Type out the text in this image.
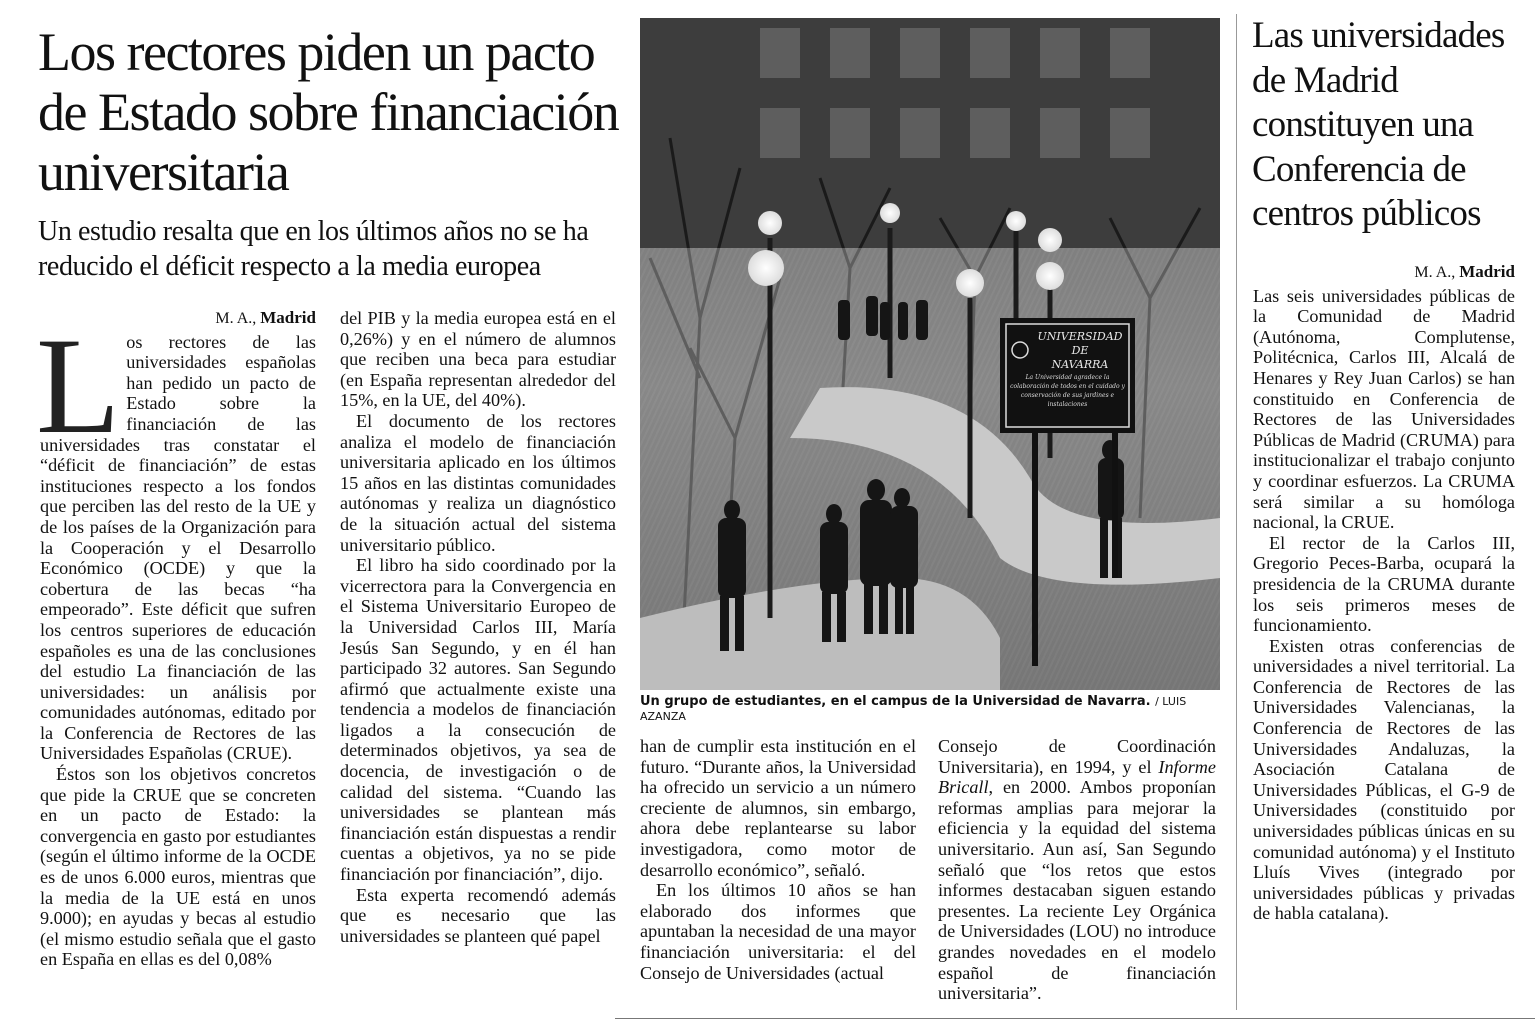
Los rectores piden un pacto de Estado sobre financiación universitaria
Un estudio resalta que en los últimos años no se ha reducido el déficit respecto a la media europea
M. A., Madrid

Los rectores de las universidades españolas han pedido un pacto de Estado sobre la financiación de las universidades tras constatar el “déficit de financiación” de estas instituciones respecto a los fondos que perciben las del resto de la UE y de los países de la Organización para la Cooperación y el Desarrollo Económico (OCDE) y que la cobertura de las becas “ha empeorado”. Este déficit que sufren los centros superiores de educación españoles es una de las conclusiones del estudio La financiación de las universidades: un análisis por comunidades autónomas, editado por la Conferencia de Rectores de las Universidades Españolas (CRUE).

Éstos son los objetivos concretos que pide la CRUE que se concreten en un pacto de Estado: la convergencia en gasto por estudiantes (según el último informe de la OCDE es de unos 6.000 euros, mientras que la media de la UE está en unos 9.000); en ayudas y becas al estudio (el mismo estudio señala que el gasto en España en ellas es del 0,08%

del PIB y la media europea está en el 0,26%) y en el número de alumnos que reciben una beca para estudiar (en España representan alrededor del 15%, en la UE, del 40%).

El documento de los rectores analiza el modelo de financiación universitaria aplicado en los últimos 15 años en las distintas comunidades autónomas y realiza un diagnóstico de la situación actual del sistema universitario público.

El libro ha sido coordinado por la vicerrectora para la Convergencia en el Sistema Universitario Europeo de la Universidad Carlos III, María Jesús San Segundo, y en él han participado 32 autores. San Segundo afirmó que actualmente existe una tendencia a modelos de financiación ligados a la consecución de determinados objetivos, ya sea de docencia, de investigación o de calidad del sistema. “Cuando las universidades se plantean más financiación están dispuestas a rendir cuentas a objetivos, ya no se pide financiación por financiación”, dijo.

Esta experta recomendó además que es necesario que las universidades se planteen qué papel

UNIVERSIDAD
DE
NAVARRA
La Universidad agradece la colaboración de todos en el cuidado y conservación de sus jardines e instalaciones
Un grupo de estudiantes, en el campus de la Universidad de Navarra. / LUIS AZANZA

han de cumplir esta institución en el futuro. “Durante años, la Universidad ha ofrecido un servicio a un número creciente de alumnos, sin embargo, ahora debe replantearse su labor investigadora, como motor de desarrollo económico”, señaló.

En los últimos 10 años se han elaborado dos informes que apuntaban la necesidad de una mayor financiación universitaria: el del Consejo de Universidades (actual

Consejo de Coordinación Universitaria), en 1994, y el Informe Bricall, en 2000. Ambos proponían reformas amplias para mejorar la eficiencia y la equidad del sistema universitario. Aun así, San Segundo señaló que “los retos que estos informes destacaban siguen estando presentes. La reciente Ley Orgánica de Universidades (LOU) no introduce grandes novedades en el modelo español de financiación universitaria”.

Las universidades de Madrid constituyen una Conferencia de centros públicos
M. A., Madrid

Las seis universidades públicas de la Comunidad de Madrid (Autónoma, Complutense, Politécnica, Carlos III, Alcalá de Henares y Rey Juan Carlos) se han constituido en Conferencia de Rectores de las Universidades Públicas de Madrid (CRUMA) para institucionalizar el trabajo conjunto y coordinar esfuerzos. La CRUMA será similar a su homóloga nacional, la CRUE.

El rector de la Carlos III, Gregorio Peces-Barba, ocupará la presidencia de la CRUMA durante los seis primeros meses de funcionamiento.

Existen otras conferencias de universidades a nivel territorial. La Conferencia de Rectores de las Universidades Valencianas, la Conferencia de Rectores de las Universidades Andaluzas, la Asociación Catalana de Universidades Públicas, el G-9 de Universidades (constituido por universidades públicas únicas en su comunidad autónoma) y el Instituto Lluís Vives (integrado por universidades públicas y privadas de habla catalana).
